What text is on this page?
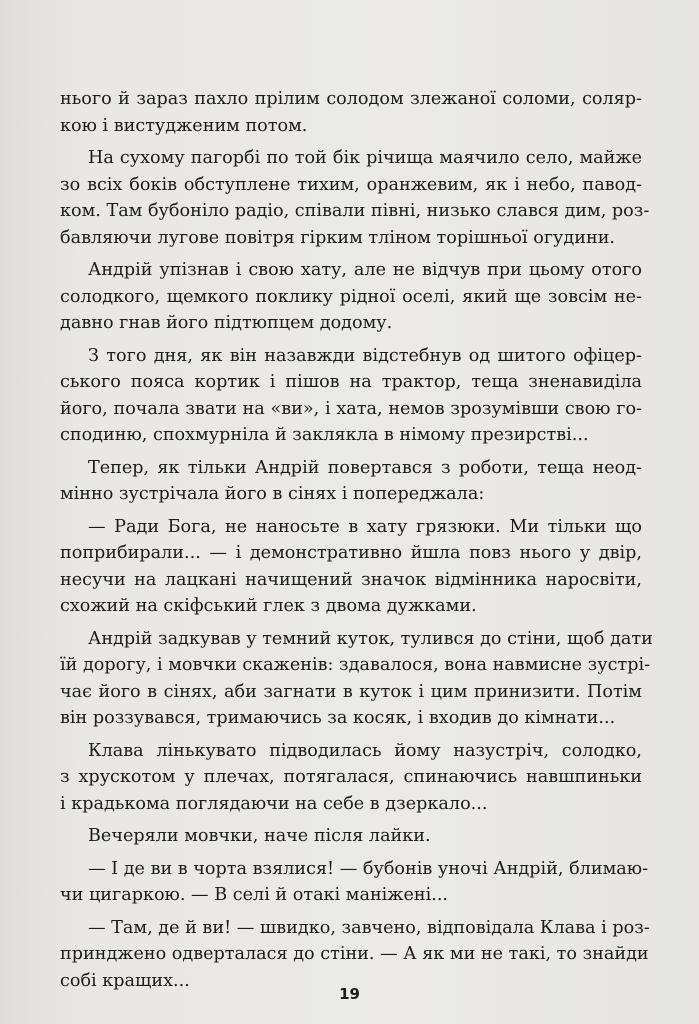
нього й зараз пахло прілим солодом злежаної соломи, соляр-
кою і вистудженим потом.
На сухому пагорбі по той бік річища маячило село, майже
зо всіх боків обступлене тихим, оранжевим, як і небо, павод-
ком. Там бубоніло радіо, співали півні, низько слався дим, роз-
бавляючи лугове повітря гірким тліном торішньої огудини.
Андрій упізнав і свою хату, але не відчув при цьому отого
солодкого, щемкого поклику рідної оселі, який ще зовсім не-
давно гнав його підтюпцем додому.
З того дня, як він назавжди відстебнув од шитого офіцер-
ського пояса кортик і пішов на трактор, теща зненавиділа
його, почала звати на «ви», і хата, немов зрозумівши свою го-
сподиню, спохмурніла й заклякла в німому презирстві...
Тепер, як тільки Андрій повертався з роботи, теща неод-
мінно зустрічала його в сінях і попереджала:
— Ради Бога, не наносьте в хату грязюки. Ми тільки що
поприбирали... — і демонстративно йшла повз нього у двір,
несучи на лацкані начищений значок відмінника наросвіти,
схожий на скіфський глек з двома дужками.
Андрій задкував у темний куток, тулився до стіни, щоб дати
їй дорогу, і мовчки скаженів: здавалося, вона навмисне зустрі-
чає його в сінях, аби загнати в куток і цим принизити. Потім
він роззувався, тримаючись за косяк, і входив до кімнати...
Клава лінькувато підводилась йому назустріч, солодко,
з хрускотом у плечах, потягалася, спинаючись навшпиньки
і крадькома поглядаючи на себе в дзеркало...
Вечеряли мовчки, наче після лайки.
— І де ви в чорта взялися! — бубонів уночі Андрій, блимаю-
чи цигаркою. — В селі й отакі маніжені...
— Там, де й ви! — швидко, завчено, відповідала Клава і роз-
принджено одверталася до стіни. — А як ми не такі, то знайди
собі кращих...
19
